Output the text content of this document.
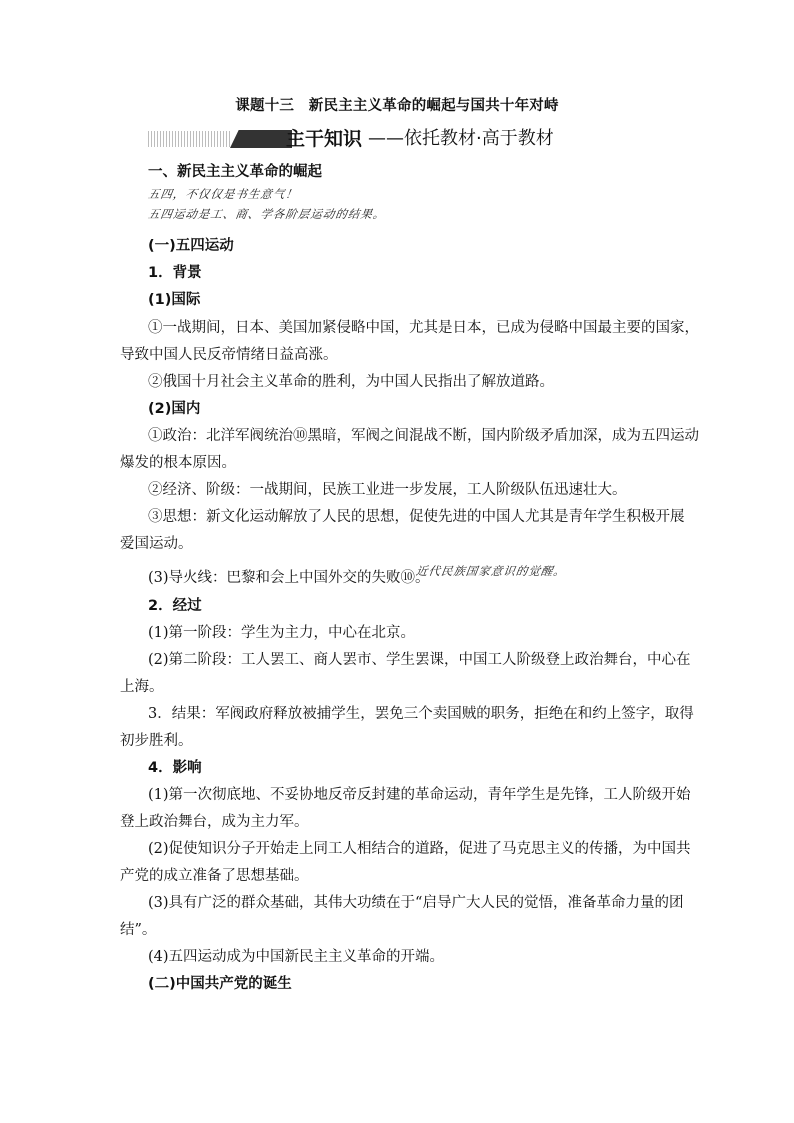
课题十三　新民主主义革命的崛起与国共十年对峙
主干知识 ——依托教材·高于教材
一、新民主主义革命的崛起
五四，不仅仅是书生意气！
五四运动是工、商、学各阶层运动的结果。
(一)五四运动
1．背景
(1)国际
①一战期间，日本、美国加紧侵略中国，尤其是日本，已成为侵略中国最主要的国家，
导致中国人民反帝情绪日益高涨。
②俄国十月社会主义革命的胜利，为中国人民指出了解放道路。
(2)国内
①政治：北洋军阀统治⑩黑暗，军阀之间混战不断，国内阶级矛盾加深，成为五四运动
爆发的根本原因。
②经济、阶级：一战期间，民族工业进一步发展，工人阶级队伍迅速壮大。
③思想：新文化运动解放了人民的思想，促使先进的中国人尤其是青年学生积极开展
爱国运动。
(3)导火线：巴黎和会上中国外交的失败⑩。
近代民族国家意识的觉醒。
2．经过
(1)第一阶段：学生为主力，中心在北京。
(2)第二阶段：工人罢工、商人罢市、学生罢课，中国工人阶级登上政治舞台，中心在
上海。
3．结果：军阀政府释放被捕学生，罢免三个卖国贼的职务，拒绝在和约上签字，取得
初步胜利。
4．影响
(1)第一次彻底地、不妥协地反帝反封建的革命运动，青年学生是先锋，工人阶级开始
登上政治舞台，成为主力军。
(2)促使知识分子开始走上同工人相结合的道路，促进了马克思主义的传播，为中国共
产党的成立准备了思想基础。
(3)具有广泛的群众基础，其伟大功绩在于“启导广大人民的觉悟，准备革命力量的团
结”。
(4)五四运动成为中国新民主主义革命的开端。
(二)中国共产党的诞生
